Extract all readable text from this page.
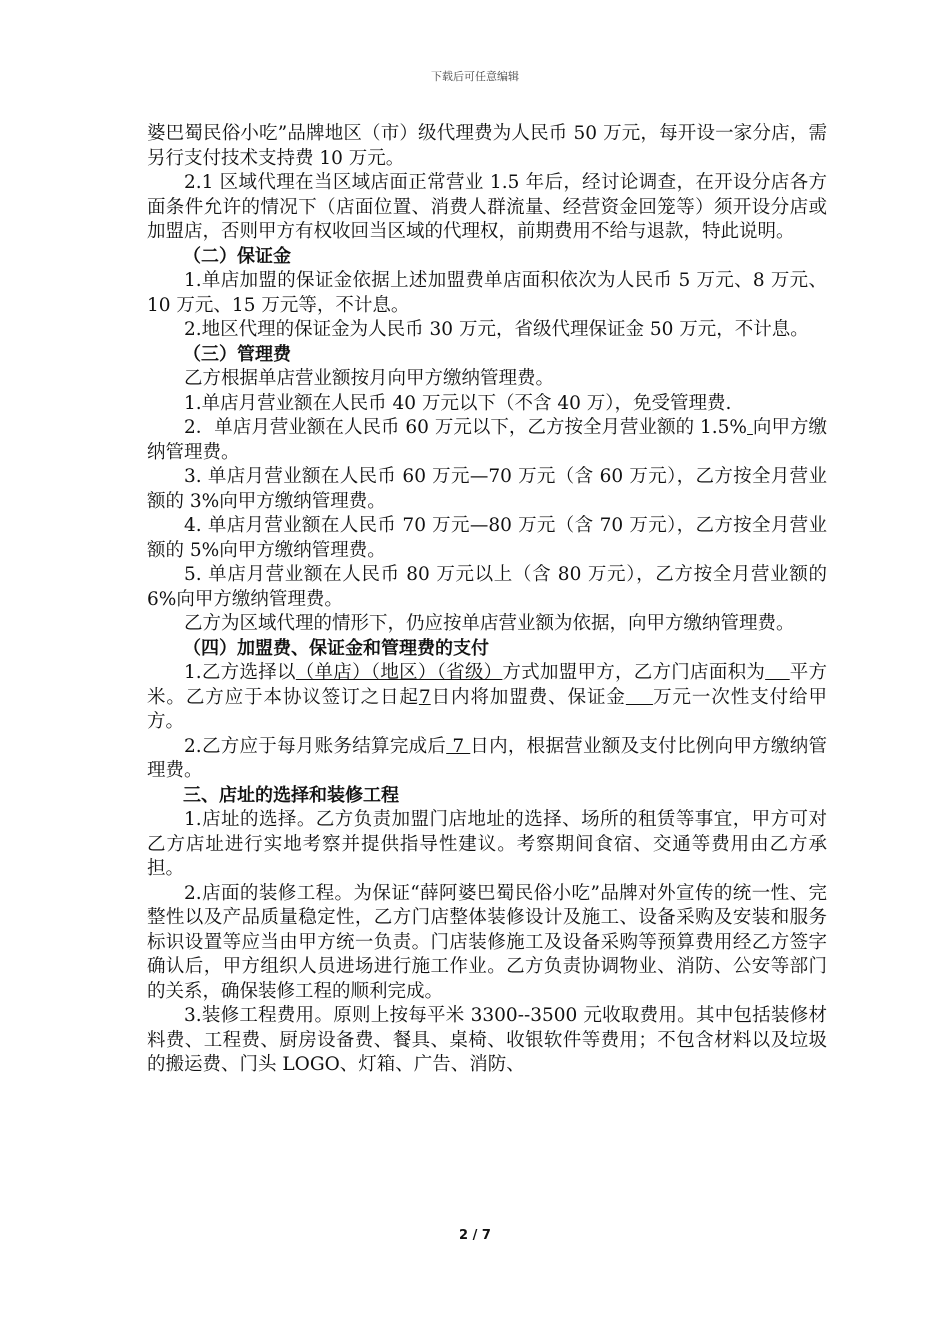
下载后可任意编辑

婆巴蜀民俗小吃”品牌地区（市）级代理费为人民币 50 万元，每开设一家分店，需另行支付技术支持费 10 万元。

2.1 区域代理在当区域店面正常营业 1.5 年后，经讨论调查，在开设分店各方面条件允许的情况下（店面位置、消费人群流量、经营资金回笼等）须开设分店或加盟店，否则甲方有权收回当区域的代理权，前期费用不给与退款，特此说明。

（二）保证金

1.单店加盟的保证金依据上述加盟费单店面积依次为人民币 5 万元、8 万元、10 万元、15 万元等，不计息。

2.地区代理的保证金为人民币 30 万元，省级代理保证金 50 万元，不计息。

（三）管理费

乙方根据单店营业额按月向甲方缴纳管理费。

1.单店月营业额在人民币 40 万元以下（不含 40 万），免受管理费.

2．单店月营业额在人民币 60 万元以下，乙方按全月营业额的 1.5% 向甲方缴纳管理费。

3. 单店月营业额在人民币 60 万元—70 万元（含 60 万元），乙方按全月营业额的 3%向甲方缴纳管理费。

4. 单店月营业额在人民币 70 万元—80 万元（含 70 万元），乙方按全月营业额的 5%向甲方缴纳管理费。

5. 单店月营业额在人民币 80 万元以上（含 80 万元），乙方按全月营业额的 6%向甲方缴纳管理费。

乙方为区域代理的情形下，仍应按单店营业额为依据，向甲方缴纳管理费。

（四）加盟费、保证金和管理费的支付

1.乙方选择以（单店）（地区）（省级）方式加盟甲方，乙方门店面积为 平方米。乙方应于本协议签订之日起7日内将加盟费、保证金 万元一次性支付给甲方。

2.乙方应于每月账务结算完成后 7 日内，根据营业额及支付比例向甲方缴纳管理费。

三、店址的选择和装修工程

1.店址的选择。乙方负责加盟门店地址的选择、场所的租赁等事宜，甲方可对乙方店址进行实地考察并提供指导性建议。考察期间食宿、交通等费用由乙方承担。

2.店面的装修工程。为保证“薛阿婆巴蜀民俗小吃”品牌对外宣传的统一性、完整性以及产品质量稳定性，乙方门店整体装修设计及施工、设备采购及安装和服务标识设置等应当由甲方统一负责。门店装修施工及设备采购等预算费用经乙方签字确认后，甲方组织人员进场进行施工作业。乙方负责协调物业、消防、公安等部门的关系，确保装修工程的顺利完成。

3.装修工程费用。原则上按每平米 3300--3500 元收取费用。其中包括装修材料费、工程费、厨房设备费、餐具、桌椅、收银软件等费用；不包含材料以及垃圾的搬运费、门头 LOGO、灯箱、广告、消防、

2 / 7
